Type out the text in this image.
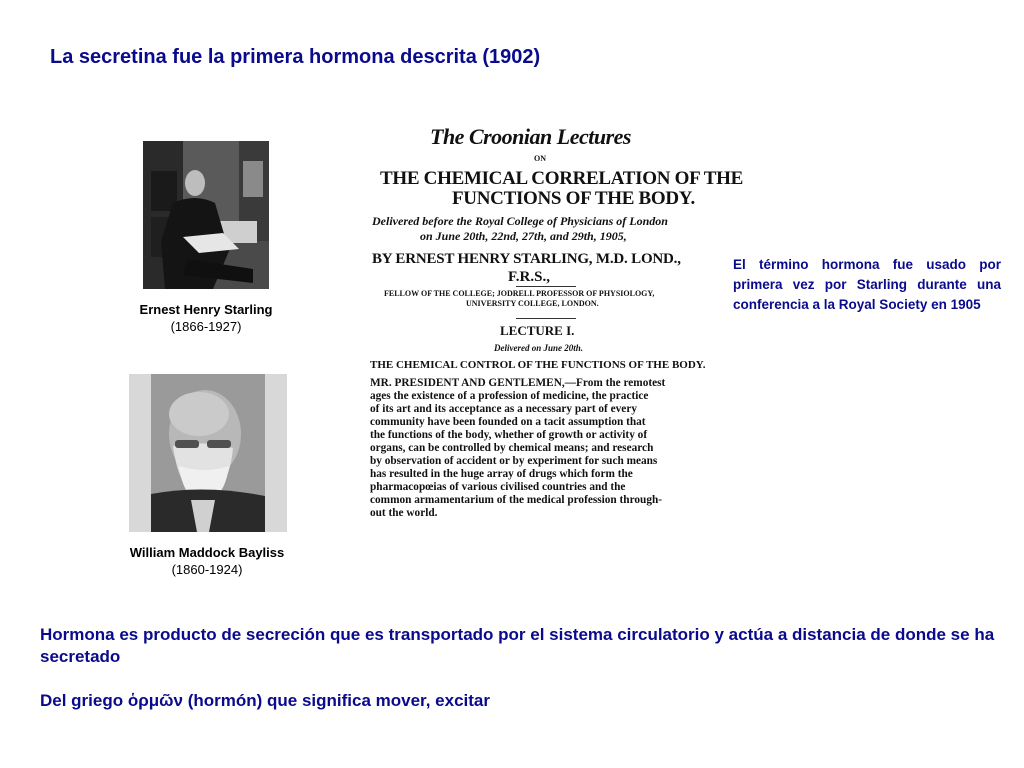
La secretina fue la primera hormona descrita (1902)
Ernest Henry Starling
(1866-1927)
William Maddock Bayliss
(1860-1924)
The Croonian Lectures
ON
THE CHEMICAL CORRELATION OF THE
FUNCTIONS OF THE BODY.
Delivered before the Royal College of Physicians of London
on June 20th, 22nd, 27th, and 29th, 1905,
BY ERNEST HENRY STARLING, M.D. LOND.,
F.R.S.,
FELLOW OF THE COLLEGE; JODRELL PROFESSOR OF PHYSIOLOGY,
UNIVERSITY COLLEGE, LONDON.
LECTURE I.
Delivered on June 20th.
THE CHEMICAL CONTROL OF THE FUNCTIONS OF THE BODY.
MR. PRESIDENT AND GENTLEMEN,—From the remotest
ages the existence of a profession of medicine, the practice
of its art and its acceptance as a necessary part of every
community have been founded on a tacit assumption that
the functions of the body, whether of growth or activity of
organs, can be controlled by chemical means; and research
by observation of accident or by experiment for such means
has resulted in the huge array of drugs which form the
pharmacopœias of various civilised countries and the
common armamentarium of the medical profession through-
out the world.
El término hormona fue usado por primera vez por Starling durante una conferencia a la Royal Society en 1905

Hormona es producto de secreción que es transportado por el sistema circulatorio y actúa a distancia de donde se ha secretado

Del griego ὁρμῶν (hormón) que significa mover, excitar
